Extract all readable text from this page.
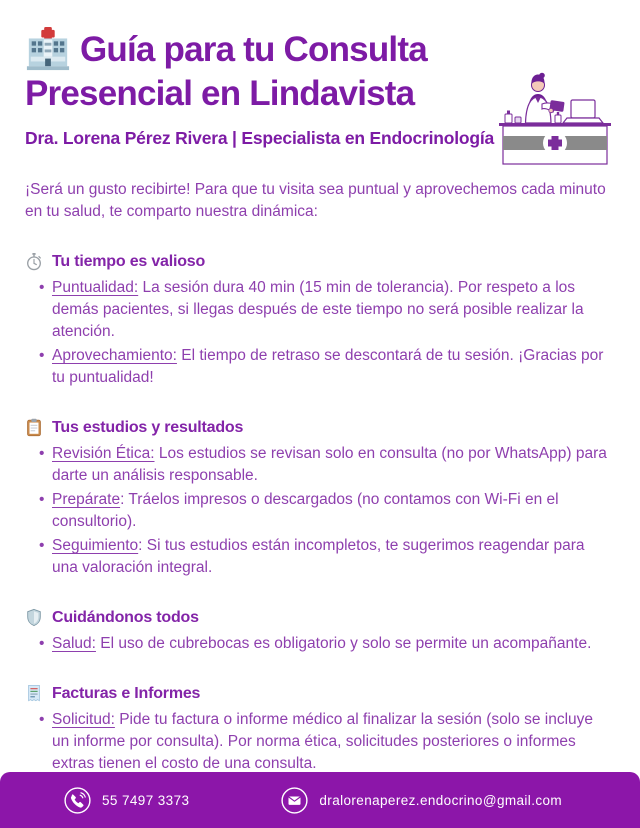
Guía para tu Consulta
Presencial en Lindavista

Dra. Lorena Pérez Rivera | Especialista en Endocrinología

¡Será un gusto recibirte! Para que tu visita sea puntual y aprovechemos cada minuto en tu salud, te comparto nuestra dinámica:

Tu tiempo es valioso
• Puntualidad: La sesión dura 40 min (15 min de tolerancia). Por respeto a los demás pacientes, si llegas después de este tiempo no será posible realizar la atención.
• Aprovechamiento: El tiempo de retraso se descontará de tu sesión. ¡Gracias por tu puntualidad!
Tus estudios y resultados
• Revisión Ética: Los estudios se revisan solo en consulta (no por WhatsApp) para darte un análisis responsable.
• Prepárate: Tráelos impresos o descargados (no contamos con Wi-Fi en el consultorio).
• Seguimiento: Si tus estudios están incompletos, te sugerimos reagendar para una valoración integral.
Cuidándonos todos
• Salud: El uso de cubrebocas es obligatorio y solo se permite un acompañante.
Facturas e Informes
• Solicitud: Pide tu factura o informe médico al finalizar la sesión (solo se incluye un informe por consulta). Por norma ética, solicitudes posteriores o informes extras tienen el costo de una consulta.
55 7497 3373	dralorenaperez.endocrino@gmail.com
